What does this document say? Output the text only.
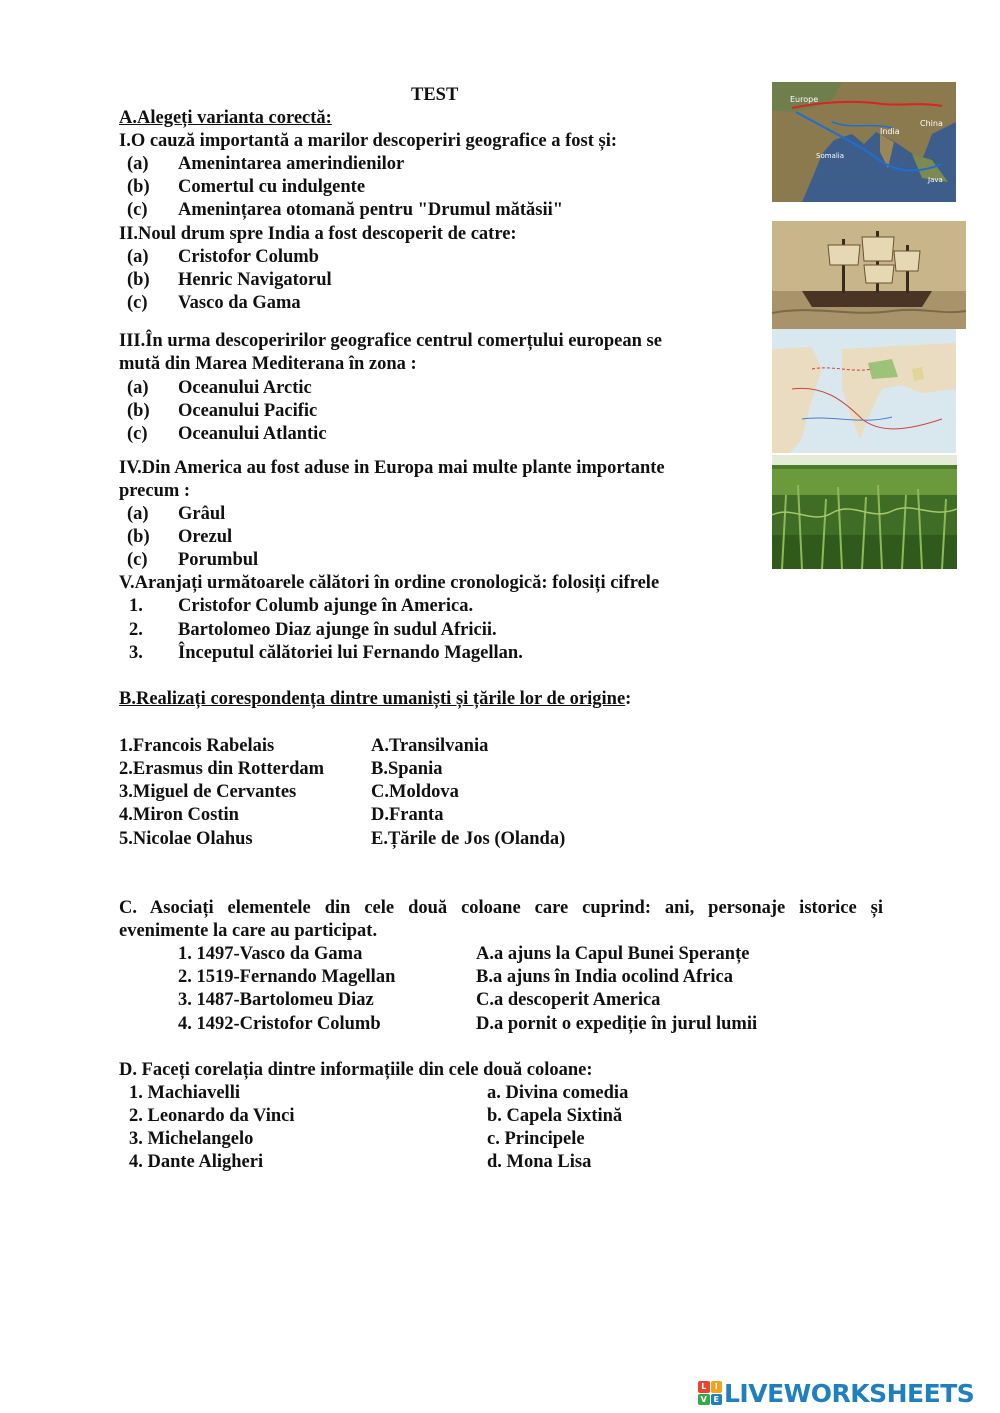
TEST
A.Alegeți varianta corectă:
I.O cauză importantă a marilor descoperiri geografice a fost și:
(a) Amenintarea amerindienilor
(b) Comertul cu indulgente
(c) Amenințarea otomană pentru "Drumul mătăsii"
II.Noul drum spre India a fost descoperit de catre:
(a) Cristofor Columb
(b) Henric Navigatorul
(c) Vasco da Gama
III.În urma descoperirilor geografice centrul comerțului european se
mută din Marea Mediterana în zona :
(a) Oceanului Arctic
(b) Oceanului Pacific
(c) Oceanului Atlantic
IV.Din America au fost aduse in Europa mai multe plante importante
precum :
(a) Grâul
(b) Orezul
(c) Porumbul
V.Aranjați următoarele călători în ordine cronologică: folosiți cifrele
1. Cristofor Columb ajunge în America.
2. Bartolomeo Diaz ajunge în sudul Africii.
3. Începutul călătoriei lui Fernando Magellan.
B.Realizați corespondența dintre umaniști și țările lor de origine:
1.Francois Rabelais
2.Erasmus din Rotterdam
3.Miguel de Cervantes
4.Miron Costin
5.Nicolae Olahus
A.Transilvania
B.Spania
C.Moldova
D.Franta
E.Țările de Jos (Olanda)
C. Asociați elementele din cele două coloane care cuprind: ani, personaje istorice și
evenimente la care au participat.
1. 1497-Vasco da Gama
2. 1519-Fernando Magellan
3. 1487-Bartolomeu Diaz
4. 1492-Cristofor Columb
A.a ajuns la Capul Bunei Speranțe
B.a ajuns în India ocolind Africa
C.a descoperit America
D.a pornit o expediție în jurul lumii
D. Faceți corelația dintre informațiile din cele două coloane:
1. Machiavelli
2. Leonardo da Vinci
3. Michelangelo
4. Dante Aligheri
a. Divina comedia
b. Capela Sixtină
c. Principele
d. Mona Lisa
Europe
China
India
Somalia
Java
L	I
V E LIVEWORKSHEETS
